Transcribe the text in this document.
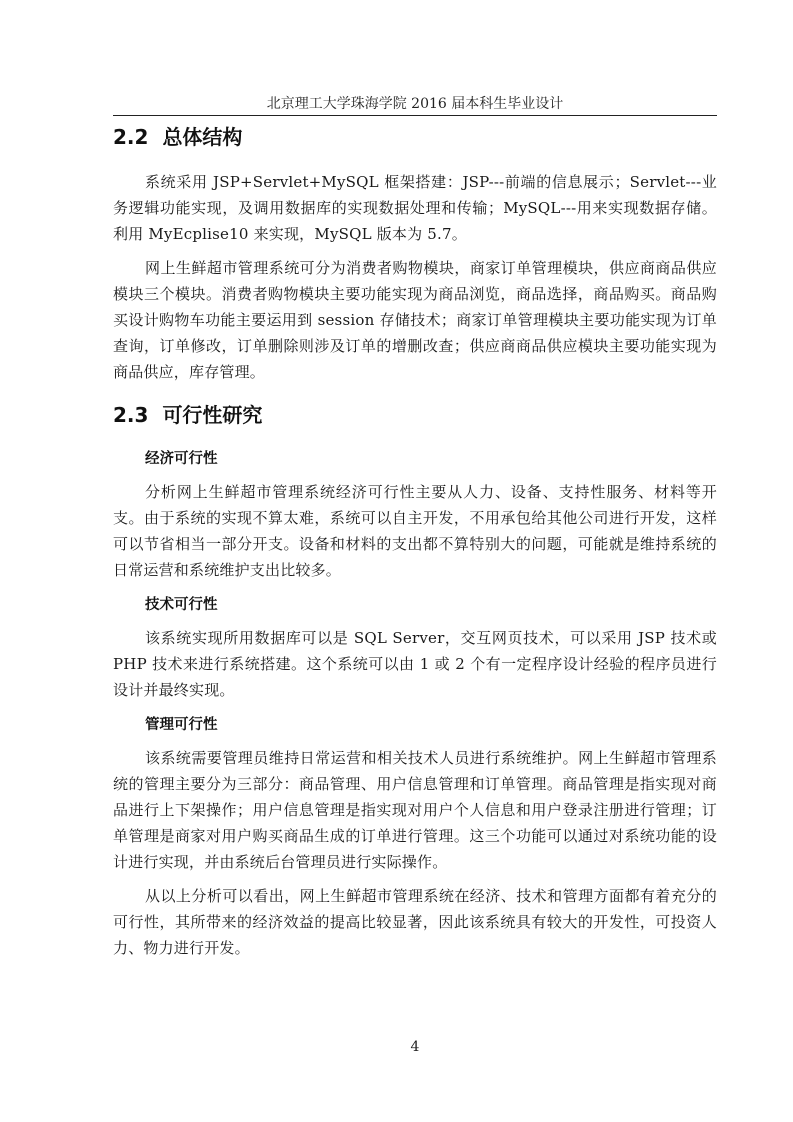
北京理工大学珠海学院 2016 届本科生毕业设计
2.2 总体结构

系统采用 JSP+Servlet+MySQL 框架搭建：JSP---前端的信息展示；Servlet---业务逻辑功能实现，及调用数据库的实现数据处理和传输；MySQL---用来实现数据存储。利用 MyEcplise10 来实现，MySQL 版本为 5.7。

网上生鲜超市管理系统可分为消费者购物模块，商家订单管理模块，供应商商品供应模块三个模块。消费者购物模块主要功能实现为商品浏览，商品选择，商品购买。商品购买设计购物车功能主要运用到 session 存储技术；商家订单管理模块主要功能实现为订单查询，订单修改，订单删除则涉及订单的增删改查；供应商商品供应模块主要功能实现为商品供应，库存管理。

2.3 可行性研究
经济可行性

分析网上生鲜超市管理系统经济可行性主要从人力、设备、支持性服务、材料等开支。由于系统的实现不算太难，系统可以自主开发，不用承包给其他公司进行开发，这样可以节省相当一部分开支。设备和材料的支出都不算特别大的问题，可能就是维持系统的日常运营和系统维护支出比较多。

技术可行性

该系统实现所用数据库可以是 SQL Server，交互网页技术，可以采用 JSP 技术或 PHP 技术来进行系统搭建。这个系统可以由 1 或 2 个有一定程序设计经验的程序员进行设计并最终实现。

管理可行性

该系统需要管理员维持日常运营和相关技术人员进行系统维护。网上生鲜超市管理系统的管理主要分为三部分：商品管理、用户信息管理和订单管理。商品管理是指实现对商品进行上下架操作；用户信息管理是指实现对用户个人信息和用户登录注册进行管理；订单管理是商家对用户购买商品生成的订单进行管理。这三个功能可以通过对系统功能的设计进行实现，并由系统后台管理员进行实际操作。

从以上分析可以看出，网上生鲜超市管理系统在经济、技术和管理方面都有着充分的可行性，其所带来的经济效益的提高比较显著，因此该系统具有较大的开发性，可投资人力、物力进行开发。

4
